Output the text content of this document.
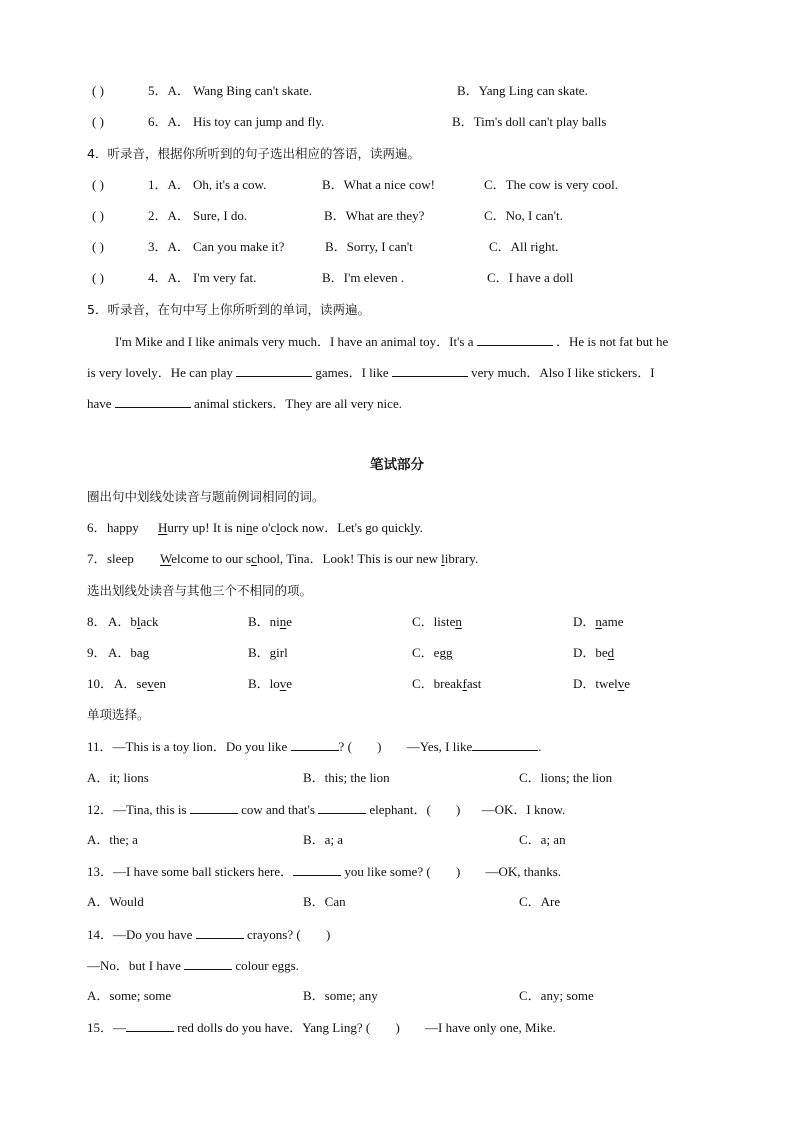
( )	5．A． Wang Bing can't skate.	B．Yang Ling can skate.
( )	6．A． His toy can jump and fly.	B．Tim's doll can't play balls
4．听录音，根据你所听到的句子选出相应的答语，读两遍。
( )	1．A． Oh, it's a cow.	B．What a nice cow!	C．The cow is very cool.
( )	2．A． Sure, I do.	B．What are they?	C．No, I can't.
( )	3．A． Can you make it?	B．Sorry, I can't	C．All right.
( )	4．A． I'm very fat.	B．I'm eleven .	C．I have a doll
5．听录音，在句中写上你所听到的单词，读两遍。
I'm Mike and I like animals very much．I have an animal toy．It's a	．He is not fat but he
is very lovely．He can play	games．I like	very much．Also I like stickers．I
have	animal stickers．They are all very nice.
笔试部分
圈出句中划线处读音与题前例词相同的词。
6． happy Hurry up! It is nine o'clock now．Let's go quickly.
7． sleep Welcome to our school, Tina．Look! This is our new library.
选出划线处读音与其他三个不相同的项。
8． A．black	B．nine	C．listen	D．name
9． A．bag	B．girl	C．egg	D．bed
10． A．seven	B．love	C．breakfast	D．twelve
单项选择。
11．—This is a toy lion．Do you like	? ( ) —Yes, I like	.
A．it; lions	B．this; the lion	C．lions; the lion
12．—Tina, this is	cow and that's	elephant．( ) —OK．I know.
A．the; a	B．a; a	C．a; an
13．—I have some ball stickers here．	you like some? ( ) —OK, thanks.
A．Would	B．Can	C．Are
14．—Do you have	crayons? ( )
—No．but I have	colour eggs.
A．some; some	B．some; any	C．any; some
15．—	red dolls do you have．Yang Ling? ( ) —I have only one, Mike.
